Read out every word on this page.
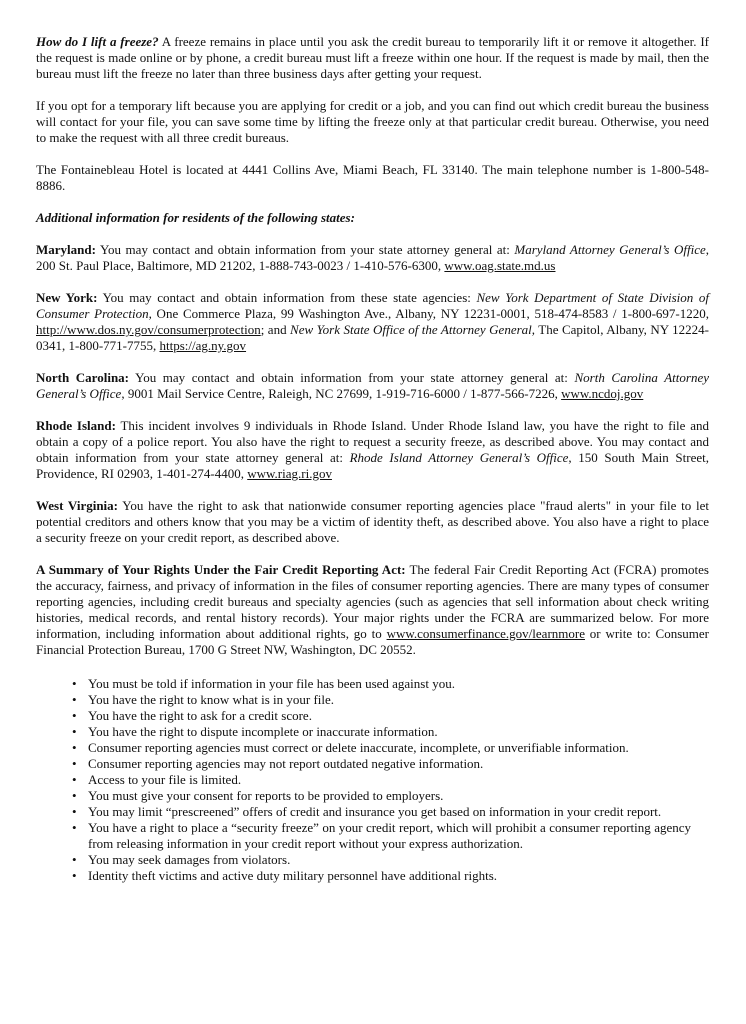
How do I lift a freeze? A freeze remains in place until you ask the credit bureau to temporarily lift it or remove it altogether. If the request is made online or by phone, a credit bureau must lift a freeze within one hour. If the request is made by mail, then the bureau must lift the freeze no later than three business days after getting your request.

If you opt for a temporary lift because you are applying for credit or a job, and you can find out which credit bureau the business will contact for your file, you can save some time by lifting the freeze only at that particular credit bureau. Otherwise, you need to make the request with all three credit bureaus.

The Fontainebleau Hotel is located at 4441 Collins Ave, Miami Beach, FL 33140. The main telephone number is 1-800-548-8886.

Additional information for residents of the following states:

Maryland: You may contact and obtain information from your state attorney general at: Maryland Attorney General’s Office, 200 St. Paul Place, Baltimore, MD 21202, 1-888-743-0023 / 1-410-576-6300, www.oag.state.md.us

New York: You may contact and obtain information from these state agencies: New York Department of State Division of Consumer Protection, One Commerce Plaza, 99 Washington Ave., Albany, NY 12231-0001, 518-474-8583 / 1-800-697-1220, http://www.dos.ny.gov/consumerprotection; and New York State Office of the Attorney General, The Capitol, Albany, NY 12224-0341, 1-800-771-7755, https://ag.ny.gov

North Carolina: You may contact and obtain information from your state attorney general at: North Carolina Attorney General’s Office, 9001 Mail Service Centre, Raleigh, NC 27699, 1-919-716-6000 / 1-877-566-7226, www.ncdoj.gov

Rhode Island: This incident involves 9 individuals in Rhode Island. Under Rhode Island law, you have the right to file and obtain a copy of a police report. You also have the right to request a security freeze, as described above. You may contact and obtain information from your state attorney general at: Rhode Island Attorney General’s Office, 150 South Main Street, Providence, RI 02903, 1-401-274-4400, www.riag.ri.gov

West Virginia: You have the right to ask that nationwide consumer reporting agencies place "fraud alerts" in your file to let potential creditors and others know that you may be a victim of identity theft, as described above. You also have a right to place a security freeze on your credit report, as described above.

A Summary of Your Rights Under the Fair Credit Reporting Act: The federal Fair Credit Reporting Act (FCRA) promotes the accuracy, fairness, and privacy of information in the files of consumer reporting agencies. There are many types of consumer reporting agencies, including credit bureaus and specialty agencies (such as agencies that sell information about check writing histories, medical records, and rental history records). Your major rights under the FCRA are summarized below. For more information, including information about additional rights, go to www.consumerfinance.gov/learnmore or write to: Consumer Financial Protection Bureau, 1700 G Street NW, Washington, DC 20552.

• You must be told if information in your file has been used against you.
• You have the right to know what is in your file.
• You have the right to ask for a credit score.
• You have the right to dispute incomplete or inaccurate information.
• Consumer reporting agencies must correct or delete inaccurate, incomplete, or unverifiable information.
• Consumer reporting agencies may not report outdated negative information.
• Access to your file is limited.
• You must give your consent for reports to be provided to employers.
• You may limit “prescreened” offers of credit and insurance you get based on information in your credit report.
• You have a right to place a “security freeze” on your credit report, which will prohibit a consumer reporting agency from releasing information in your credit report without your express authorization.
• You may seek damages from violators.
• Identity theft victims and active duty military personnel have additional rights.
